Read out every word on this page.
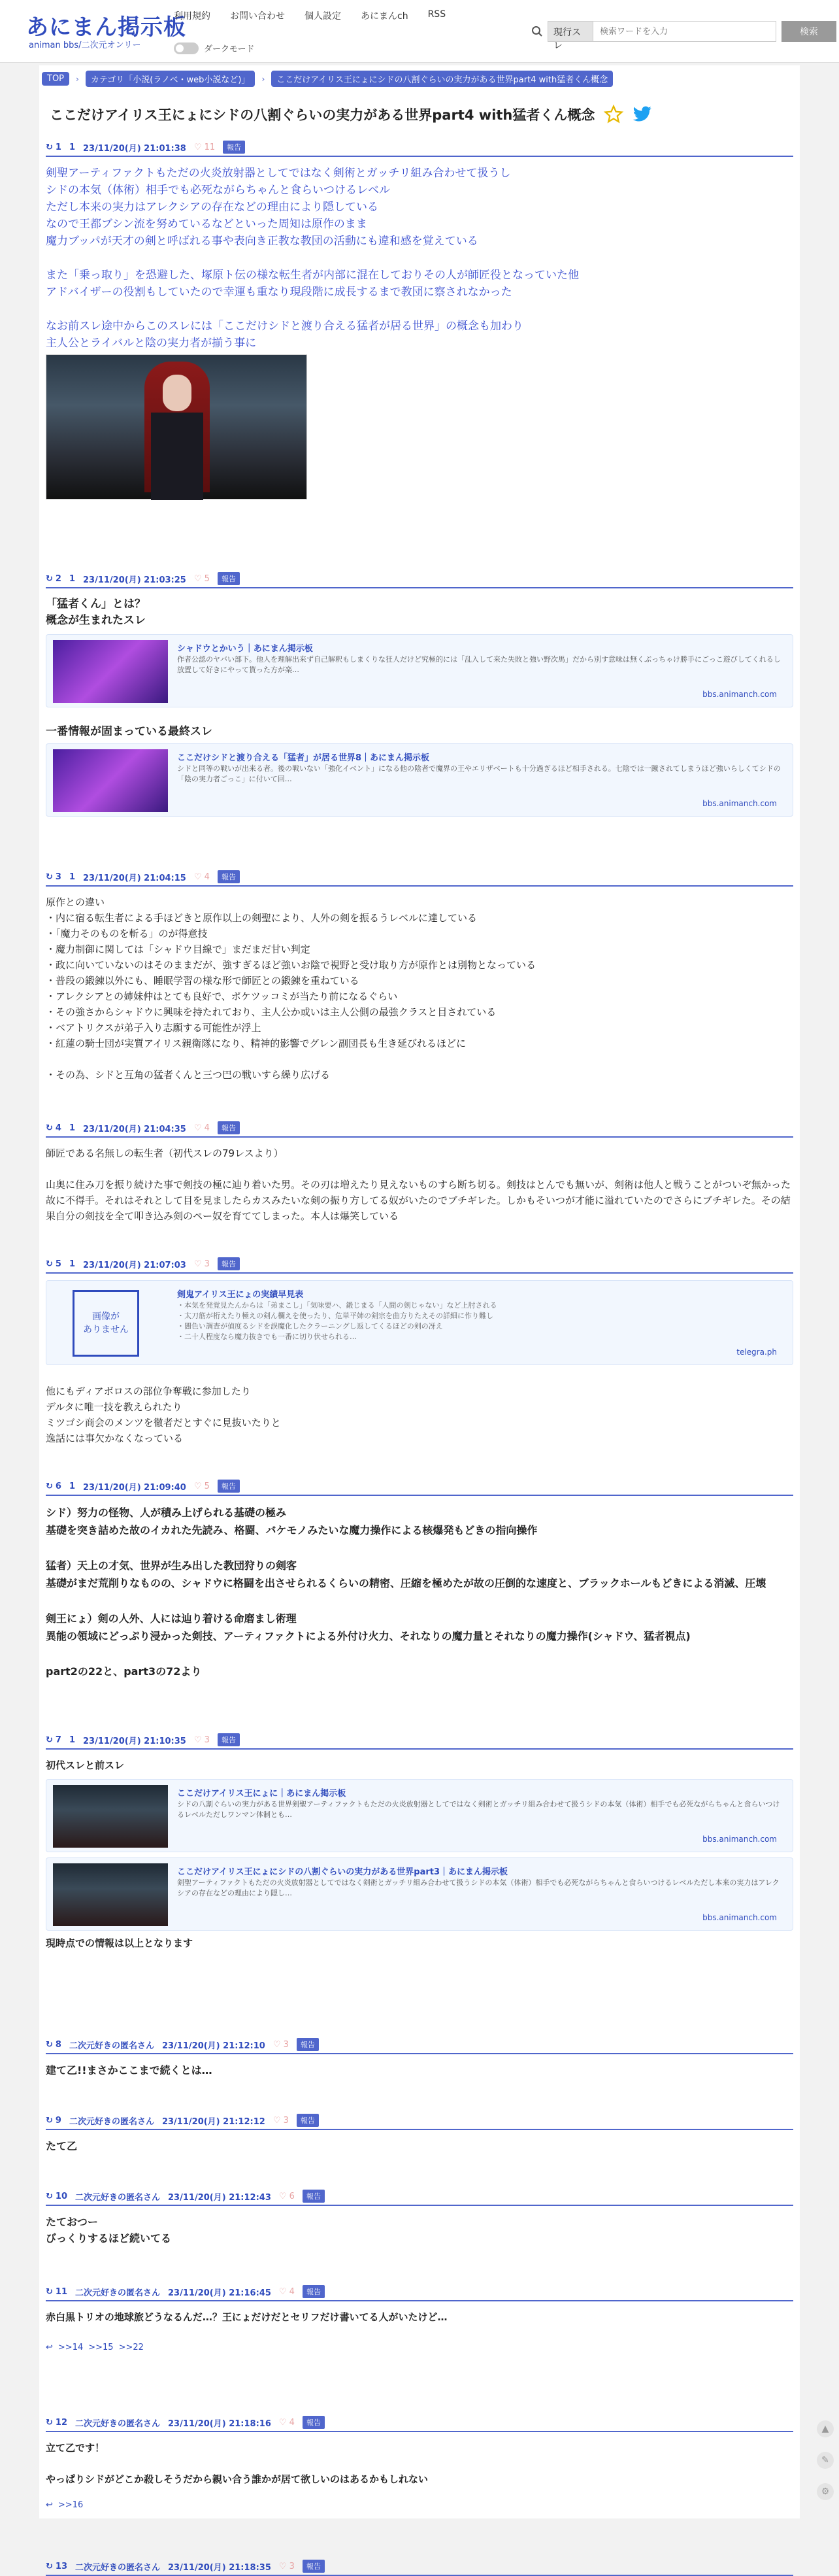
あにまん掲示板
animan bbs/二次元オンリー
利用規約 お問い合わせ 個人設定 あにまんch RSS
ダークモード
現行スレ
検索ワードを入力
検索
TOP	›	カテゴリ「小説(ラノベ・web小説など)」	›	ここだけアイリス王にょにシドの八割ぐらいの実力がある世界part4 with猛者くん概念
ここだけアイリス王にょにシドの八割ぐらいの実力がある世界part4 with猛者くん概念
↻ 1 1 23/11/20(月) 21:01:38 ♡ 11	報告
剣聖アーティファクトもただの火炎放射器としてではなく剣術とガッチリ組み合わせて扱うし
シドの本気（体術）相手でも必死ながらちゃんと食らいつけるレベル
ただし本来の実力はアレクシアの存在などの理由により隠している
なので王都ブシン流を努めているなどといった周知は原作のまま
魔力ブッパが天才の剣と呼ばれる事や表向き正教な教団の活動にも違和感を覚えている
また「乗っ取り」を恐避した、塚原ト伝の様な転生者が内部に混在しておりその人が師匠役となっていた他
アドバイザーの役割もしていたので幸運も重なり現段階に成長するまで教団に察されなかった
なお前スレ途中からこのスレには「ここだけシドと渡り合える猛者が居る世界」の概念も加わり
主人公とライバルと陰の実力者が揃う事に
↻ 2 1 23/11/20(月) 21:03:25 ♡ 5	報告
「猛者くん」とは？
概念が生まれたスレ
シャドウとかいう｜あにまん掲示板
作者公認のヤバい部下。他人を理解出来ず自己解釈もしまくりな狂人だけど究極的には「乱入して来た失敗と強い野次馬」だから別す意味は無くぶっちゃけ勝手にごっこ遊びしてくれるし放置して好きにやって貰った方が楽…
bbs.animanch.com
一番情報が固まっている最終スレ
ここだけシドと渡り合える「猛者」が居る世界8｜あにまん掲示板
シドと同等の戦いが出来る者。後の戦いない「強化イベント」になる他の陰者で魔界の王やエリザベートも十分過ぎるほど相手される。七陰では一蹴されてしまうほど強いらしくてシドの「陰の実力者ごっこ」に付いて回…
bbs.animanch.com
↻ 3 1 23/11/20(月) 21:04:15 ♡ 4	報告
原作との違い
・内に宿る転生者による手ほどきと原作以上の剣聖により、人外の剣を振るうレベルに達している
・「魔力そのものを斬る」のが得意技
・魔力制御に関しては「シャドウ目線で」まだまだ甘い判定
・政に向いていないのはそのままだが、強すぎるほど強いお陰で視野と受け取り方が原作とは別物となっている
・普段の鍛錬以外にも、睡眠学習の様な形で師匠との鍛錬を重ねている
・アレクシアとの姉妹仲はとても良好で、ポケツッコミが当たり前になるぐらい
・その強さからシャドウに興味を持たれており、主人公か或いは主人公側の最強クラスと目されている
・ベアトリクスが弟子入り志願する可能性が浮上
・紅蓮の騎士団が実質アイリス親衛隊になり、精神的影響でグレン副団長も生き延びれるほどに
・その為、シドと互角の猛者くんと三つ巴の戦いすら繰り広げる
↻ 4 1 23/11/20(月) 21:04:35 ♡ 4	報告
師匠である名無しの転生者（初代スレの79レスより）
山奥に住み刀を振り続けた事で剣技の極に辿り着いた男。その刃は増えたり見えないものすら断ち切る。剣技はとんでも無いが、剣術は他人と戦うことがついぞ無かった故に不得手。それはそれとして目を見ましたらカスみたいな剣の振り方してる奴がいたのでブチギレた。しかもそいつが才能に溢れていたのでさらにブチギレた。その結果自分の剣技を全て叩き込み剣のペー奴を育ててしまった。本人は爆笑している
↻ 5 1 23/11/20(月) 21:07:03 ♡ 3	報告
画像が
ありません
剣鬼アイリス王にょの実績早見表
・本気を発覚見たんからは「弟まこし」「気味要ハ、鍛じまる「人間の剣じゃない」など上肘される
・太刀筋が桁えたり極えの剣ん欄えを使ったり、危単平姉の剣宗を曲方りたえその詳細に作り難し
・闇色い調査が偵度るシドを誤魔化したクラーニングし返してくるほどの剣の冴え
・二十人程度なら魔力抜きでも一番に切り伏せられる…
telegra.ph
他にもディアボロスの部位争奪戦に参加したり
デルタに唯一技を教えられたり
ミツゴシ商会のメンツを徹者だとすぐに見抜いたりと
逸話には事欠かなくなっている
↻ 6 1 23/11/20(月) 21:09:40 ♡ 5	報告
シド）努力の怪物、人が積み上げられる基礎の極み
基礎を突き詰めた故のイカれた先読み、格闘、バケモノみたいな魔力操作による核爆発もどきの指向操作
猛者）天上の才気、世界が生み出した教団狩りの剣客
基礎がまだ荒削りなものの、シャドウに格闘を出させられるくらいの精密、圧縮を極めたが故の圧倒的な速度と、ブラックホールもどきによる消滅、圧壊
剣王にょ）剣の人外、人には辿り着ける命磨まし術理
異能の領域にどっぷり浸かった剣技、アーティファクトによる外付け火力、それなりの魔力量とそれなりの魔力操作(シャドウ、猛者視点)
part2の22と、part3の72より
↻ 7 1 23/11/20(月) 21:10:35 ♡ 3	報告
初代スレと前スレ
ここだけアイリス王にょに｜あにまん掲示板
シドの八割ぐらいの実力がある世界剣聖アーティファクトもただの火炎放射器としてではなく剣術とガッチリ組み合わせて扱うシドの本気（体術）相手でも必死ながらちゃんと食らいつけるレベルただしワンマン体制とも…
bbs.animanch.com
ここだけアイリス王にょにシドの八割ぐらいの実力がある世界part3｜あにまん掲示板
剣聖アーティファクトもただの火炎放射器としてではなく剣術とガッチリ組み合わせて扱うシドの本気（体術）相手でも必死ながらちゃんと食らいつけるレベルただし本来の実力はアレクシアの存在などの理由により隠し…
bbs.animanch.com
現時点での情報は以上となります
↻ 8 二次元好きの匿名さん 23/11/20(月) 21:12:10 ♡ 3	報告
建て乙!!まさかここまで続くとは…
↻ 9 二次元好きの匿名さん 23/11/20(月) 21:12:12 ♡ 3	報告
たて乙
↻ 10 二次元好きの匿名さん 23/11/20(月) 21:12:43 ♡ 6	報告
たておつー
びっくりするほど続いてる
↻ 11 二次元好きの匿名さん 23/11/20(月) 21:16:45 ♡ 4	報告
赤白黒トリオの地球旅どうなるんだ…？王にょだけだとセリフだけ書いてる人がいたけど…
↩ >>14 >>15 >>22
↻ 12 二次元好きの匿名さん 23/11/20(月) 21:18:16 ♡ 4	報告
立て乙です！
やっぱりシドがどこか殺しそうだから親い合う誰かが居て欲しいのはあるかもしれない
↩ >>16
↻ 13 二次元好きの匿名さん 23/11/20(月) 21:18:35 ♡ 3	報告
▲
✎
⚙
